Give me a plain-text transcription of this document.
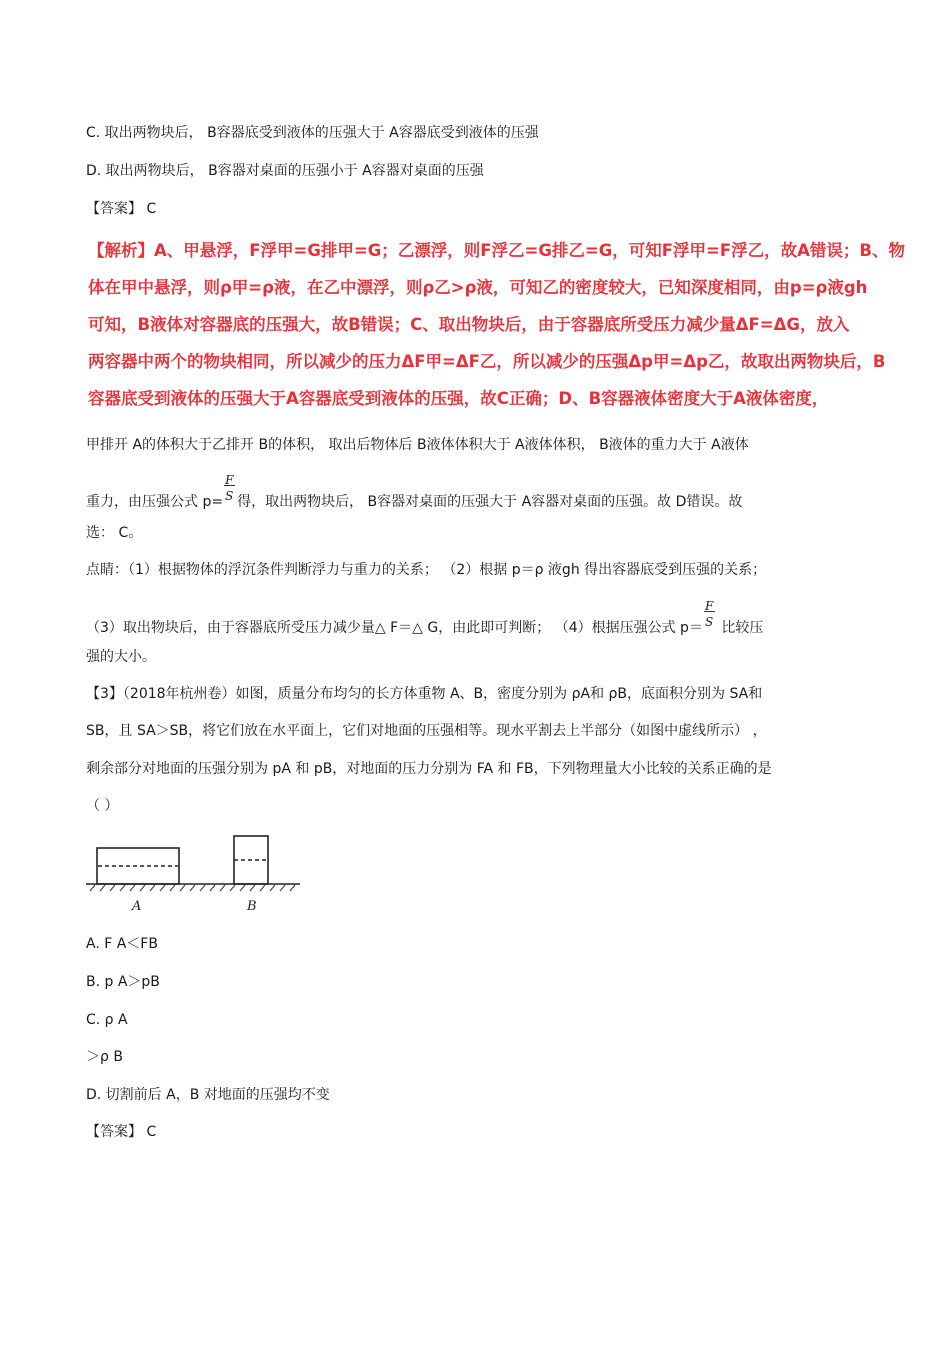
C. 取出两物块后， B容器底受到液体的压强大于 A容器底受到液体的压强
D. 取出两物块后， B容器对桌面的压强小于 A容器对桌面的压强
【答案】 C

【解析】A、甲悬浮，F浮甲=G排甲=G；乙漂浮，则F浮乙=G排乙=G，可知F浮甲=F浮乙，故A错误；B、物

体在甲中悬浮，则ρ甲=ρ液，在乙中漂浮，则ρ乙>ρ液，可知乙的密度较大，已知深度相同，由p=ρ液gh

可知，B液体对容器底的压强大，故B错误；C、取出物块后，由于容器底所受压力减少量ΔF=ΔG，放入

两容器中两个的物块相同，所以减少的压力ΔF甲=ΔF乙，所以减少的压强Δp甲=Δp乙，故取出两物块后，B

容器底受到液体的压强大于A容器底受到液体的压强，故C正确；D、B容器液体密度大于A液体密度，

甲排开 A的体积大于乙排开 B的体积， 取出后物体后 B液体体积大于 A液体体积， B液体的重力大于 A液体
重力，由压强公式 $p= \frac{F}{S}$ 得，取出两物块后， B容器对桌面的压强大于 A容器对桌面的压强。故 D错误。故
选： C。
点睛：（1）根据物体的浮沉条件判断浮力与重力的关系； （2）根据 p＝ρ 液gh 得出容器底受到压强的关系；
（3）取出物块后，由于容器底所受压力减少量△ F＝△ G，由此即可判断； （4）根据压强公式 $p= \frac{F}{S}$ 比较压
强的大小。
【3】（2018年杭州卷）如图，质量分布均匀的长方体重物 A、B，密度分别为 ρA和 ρB，底面积分别为 SA和
SB，且 SA＞SB，将它们放在水平面上，它们对地面的压强相等。现水平割去上半部分（如图中虚线所示） ，
剩余部分对地面的压强分别为 pA 和 pB，对地面的压力分别为 FA 和 FB，下列物理量大小比较的关系正确的是
（ ）
A	B
A. F A＜FB
B. p A＞pB
C. ρ A
＞ρ B
D. 切割前后 A，B 对地面的压强均不变
【答案】 C
